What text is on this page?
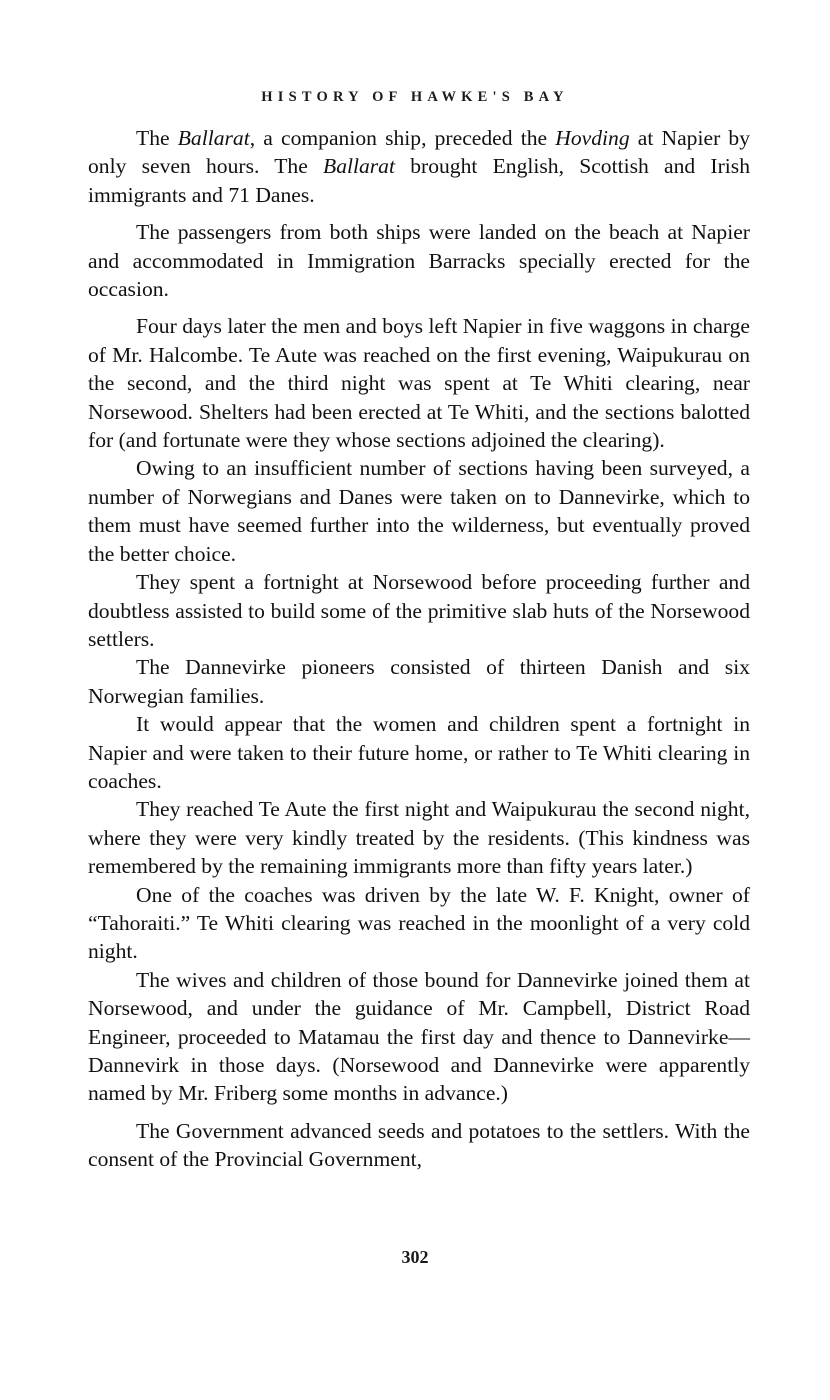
HISTORY OF HAWKE'S BAY

The Ballarat, a companion ship, preceded the Hovding at Napier by only seven hours. The Ballarat brought English, Scottish and Irish immigrants and 71 Danes.

The passengers from both ships were landed on the beach at Napier and accommodated in Immigration Barracks specially erected for the occasion.

Four days later the men and boys left Napier in five waggons in charge of Mr. Halcombe. Te Aute was reached on the first evening, Waipukurau on the second, and the third night was spent at Te Whiti clearing, near Norsewood. Shelters had been erected at Te Whiti, and the sections balotted for (and fortunate were they whose sections adjoined the clearing).

Owing to an insufficient number of sections having been surveyed, a number of Norwegians and Danes were taken on to Dannevirke, which to them must have seemed further into the wilderness, but eventually proved the better choice.

They spent a fortnight at Norsewood before proceeding further and doubtless assisted to build some of the primitive slab huts of the Norsewood settlers.

The Dannevirke pioneers consisted of thirteen Danish and six Norwegian families.

It would appear that the women and children spent a fortnight in Napier and were taken to their future home, or rather to Te Whiti clearing in coaches.

They reached Te Aute the first night and Waipukurau the second night, where they were very kindly treated by the residents. (This kindness was remembered by the remaining immigrants more than fifty years later.)

One of the coaches was driven by the late W. F. Knight, owner of “Tahoraiti.” Te Whiti clearing was reached in the moonlight of a very cold night.

The wives and children of those bound for Dannevirke joined them at Norsewood, and under the guidance of Mr. Campbell, District Road Engineer, proceeded to Matamau the first day and thence to Dannevirke—Dannevirk in those days. (Norsewood and Dannevirke were apparently named by Mr. Friberg some months in advance.)

The Government advanced seeds and potatoes to the settlers. With the consent of the Provincial Government,

302
